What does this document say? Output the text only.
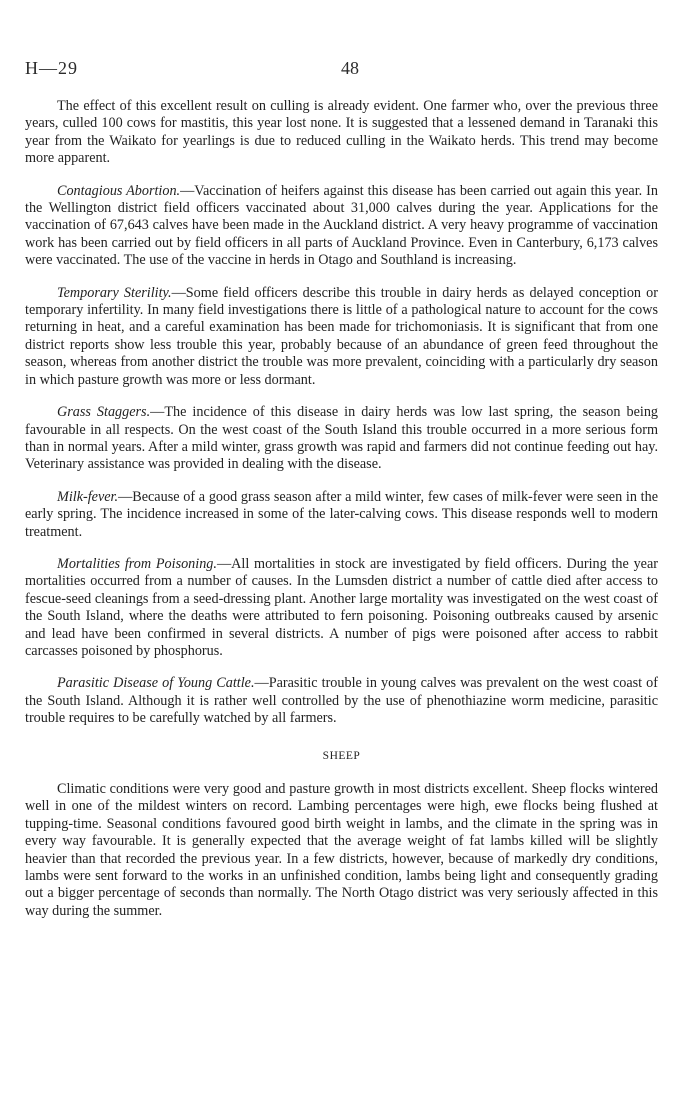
H—29	48

The effect of this excellent result on culling is already evident. One farmer who, over the previous three years, culled 100 cows for mastitis, this year lost none. It is suggested that a lessened demand in Taranaki this year from the Waikato for yearlings is due to reduced culling in the Waikato herds. This trend may become more apparent.

Contagious Abortion.—Vaccination of heifers against this disease has been carried out again this year. In the Wellington district field officers vaccinated about 31,000 calves during the year. Applications for the vaccination of 67,643 calves have been made in the Auckland district. A very heavy programme of vaccination work has been carried out by field officers in all parts of Auckland Province. Even in Canterbury, 6,173 calves were vaccinated. The use of the vaccine in herds in Otago and Southland is increasing.

Temporary Sterility.—Some field officers describe this trouble in dairy herds as delayed conception or temporary infertility. In many field investigations there is little of a pathological nature to account for the cows returning in heat, and a careful examination has been made for trichomoniasis. It is significant that from one district reports show less trouble this year, probably because of an abundance of green feed throughout the season, whereas from another district the trouble was more prevalent, coinciding with a particularly dry season in which pasture growth was more or less dormant.

Grass Staggers.—The incidence of this disease in dairy herds was low last spring, the season being favourable in all respects. On the west coast of the South Island this trouble occurred in a more serious form than in normal years. After a mild winter, grass growth was rapid and farmers did not continue feeding out hay. Veterinary assistance was provided in dealing with the disease.

Milk-fever.—Because of a good grass season after a mild winter, few cases of milk-fever were seen in the early spring. The incidence increased in some of the later-calving cows. This disease responds well to modern treatment.

Mortalities from Poisoning.—All mortalities in stock are investigated by field officers. During the year mortalities occurred from a number of causes. In the Lumsden district a number of cattle died after access to fescue-seed cleanings from a seed-dressing plant. Another large mortality was investigated on the west coast of the South Island, where the deaths were attributed to fern poisoning. Poisoning outbreaks caused by arsenic and lead have been confirmed in several districts. A number of pigs were poisoned after access to rabbit carcasses poisoned by phosphorus.

Parasitic Disease of Young Cattle.—Parasitic trouble in young calves was prevalent on the west coast of the South Island. Although it is rather well controlled by the use of phenothiazine worm medicine, parasitic trouble requires to be carefully watched by all farmers.

SHEEP

Climatic conditions were very good and pasture growth in most districts excellent. Sheep flocks wintered well in one of the mildest winters on record. Lambing percentages were high, ewe flocks being flushed at tupping-time. Seasonal conditions favoured good birth weight in lambs, and the climate in the spring was in every way favourable. It is generally expected that the average weight of fat lambs killed will be slightly heavier than that recorded the previous year. In a few districts, however, because of markedly dry conditions, lambs were sent forward to the works in an unfinished condition, lambs being light and consequently grading out a bigger percentage of seconds than normally. The North Otago district was very seriously affected in this way during the summer.
